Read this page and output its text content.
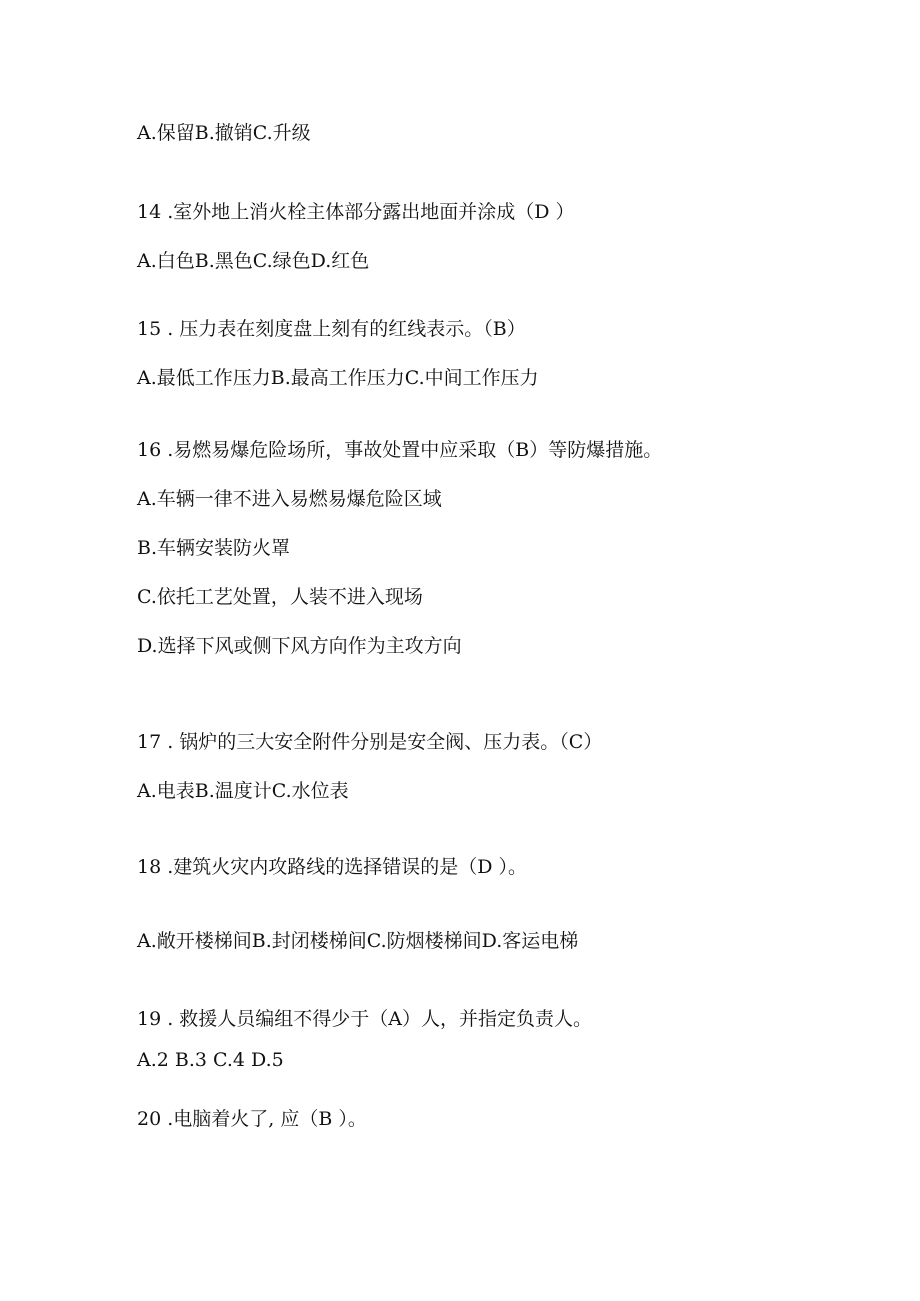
A.保留B.撤销C.升级

14 .室外地上消火栓主体部分露出地面并涂成（D ）

A.白色B.黑色C.绿色D.红色

15 . 压力表在刻度盘上刻有的红线表示。（B）

A.最低工作压力B.最高工作压力C.中间工作压力

16 .易燃易爆危险场所，事故处置中应采取（B）等防爆措施。

A.车辆一律不进入易燃易爆危险区域

B.车辆安装防火罩

C.依托工艺处置，人装不进入现场

D.选择下风或侧下风方向作为主攻方向

17 . 锅炉的三大安全附件分别是安全阀、压力表。（C）

A.电表B.温度计C.水位表

18 .建筑火灾内攻路线的选择错误的是（D ）。

A.敞开楼梯间B.封闭楼梯间C.防烟楼梯间D.客运电梯

19 . 救援人员编组不得少于（A）人，并指定负责人。

A.2 B.3 C.4 D.5

20 .电脑着火了, 应（B ）。
